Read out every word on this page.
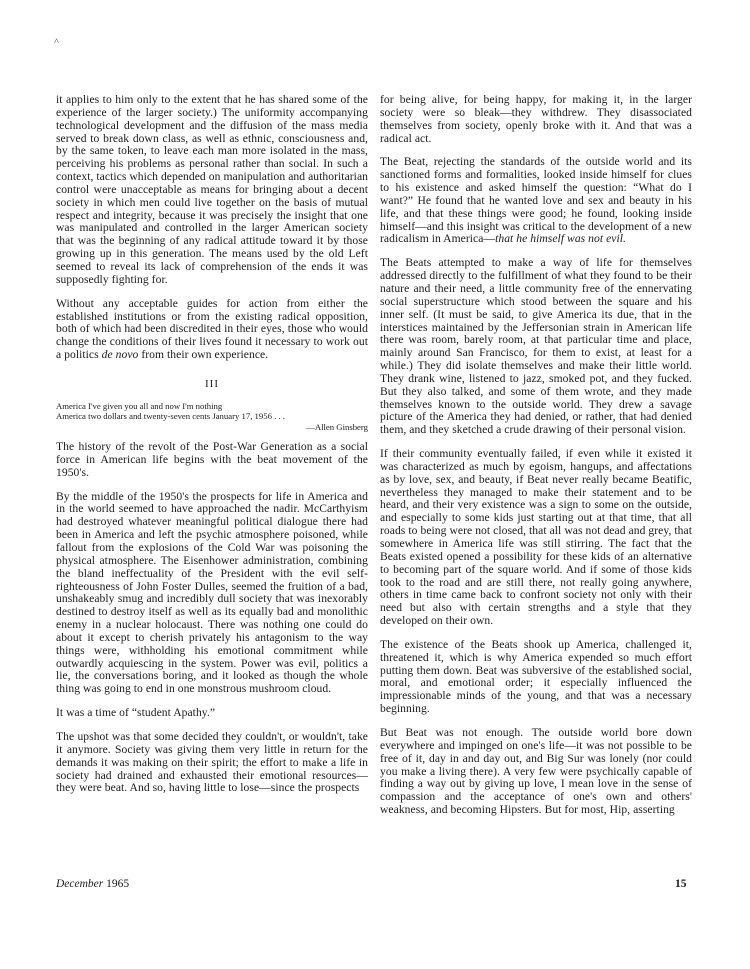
˄

it applies to him only to the extent that he has shared some of the experience of the larger society.) The uniformity accompanying technological development and the diffusion of the mass media served to break down class, as well as ethnic, consciousness and, by the same token, to leave each man more isolated in the mass, perceiving his problems as personal rather than social. In such a context, tactics which depended on manipulation and authoritarian control were unacceptable as means for bringing about a decent society in which men could live together on the basis of mutual respect and integrity, because it was precisely the insight that one was manipulated and controlled in the larger American society that was the beginning of any radical attitude toward it by those growing up in this generation. The means used by the old Left seemed to reveal its lack of comprehension of the ends it was supposedly fighting for.

Without any acceptable guides for action from either the established institutions or from the existing radical opposition, both of which had been discredited in their eyes, those who would change the conditions of their lives found it necessary to work out a politics de novo from their own experience.

III
America I've given you all and now I'm nothing
America two dollars and twenty-seven cents January 17, 1956 . . .
—Allen Ginsberg

The history of the revolt of the Post-War Generation as a social force in American life begins with the beat movement of the 1950's.

By the middle of the 1950's the prospects for life in America and in the world seemed to have approached the nadir. McCarthyism had destroyed whatever meaningful political dialogue there had been in America and left the psychic atmosphere poisoned, while fallout from the explosions of the Cold War was poisoning the physical atmosphere. The Eisenhower administration, combining the bland ineffectuality of the President with the evil self-righteousness of John Foster Dulles, seemed the fruition of a bad, unshakeably smug and incredibly dull society that was inexorably destined to destroy itself as well as its equally bad and monolithic enemy in a nuclear holocaust. There was nothing one could do about it except to cherish privately his antagonism to the way things were, withholding his emotional commitment while outwardly acquiescing in the system. Power was evil, politics a lie, the conversations boring, and it looked as though the whole thing was going to end in one monstrous mushroom cloud.

It was a time of “student Apathy.”

The upshot was that some decided they couldn't, or wouldn't, take it anymore. Society was giving them very little in return for the demands it was making on their spirit; the effort to make a life in society had drained and exhausted their emotional resources—they were beat. And so, having little to lose—since the prospects

for being alive, for being happy, for making it, in the larger society were so bleak—they withdrew. They disassociated themselves from society, openly broke with it. And that was a radical act.

The Beat, rejecting the standards of the outside world and its sanctioned forms and formalities, looked inside himself for clues to his existence and asked himself the question: “What do I want?” He found that he wanted love and sex and beauty in his life, and that these things were good; he found, looking inside himself—and this insight was critical to the development of a new radicalism in America—that he himself was not evil.

The Beats attempted to make a way of life for themselves addressed directly to the fulfillment of what they found to be their nature and their need, a little community free of the ennervating social superstructure which stood between the square and his inner self. (It must be said, to give America its due, that in the interstices maintained by the Jeffersonian strain in American life there was room, barely room, at that particular time and place, mainly around San Francisco, for them to exist, at least for a while.) They did isolate themselves and make their little world. They drank wine, listened to jazz, smoked pot, and they fucked. But they also talked, and some of them wrote, and they made themselves known to the outside world. They drew a savage picture of the America they had denied, or rather, that had denied them, and they sketched a crude drawing of their personal vision.

If their community eventually failed, if even while it existed it was characterized as much by egoism, hangups, and affectations as by love, sex, and beauty, if Beat never really became Beatific, nevertheless they managed to make their statement and to be heard, and their very existence was a sign to some on the outside, and especially to some kids just starting out at that time, that all roads to being were not closed, that all was not dead and grey, that somewhere in America life was still stirring. The fact that the Beats existed opened a possibility for these kids of an alternative to becoming part of the square world. And if some of those kids took to the road and are still there, not really going anywhere, others in time came back to confront society not only with their need but also with certain strengths and a style that they developed on their own.

The existence of the Beats shook up America, challenged it, threatened it, which is why America expended so much effort putting them down. Beat was subversive of the established social, moral, and emotional order; it especially influenced the impressionable minds of the young, and that was a necessary beginning.

But Beat was not enough. The outside world bore down everywhere and impinged on one's life—it was not possible to be free of it, day in and day out, and Big Sur was lonely (nor could you make a living there). A very few were psychically capable of finding a way out by giving up love, I mean love in the sense of compassion and the acceptance of one's own and others' weakness, and becoming Hipsters. But for most, Hip, asserting

December 1965	15
